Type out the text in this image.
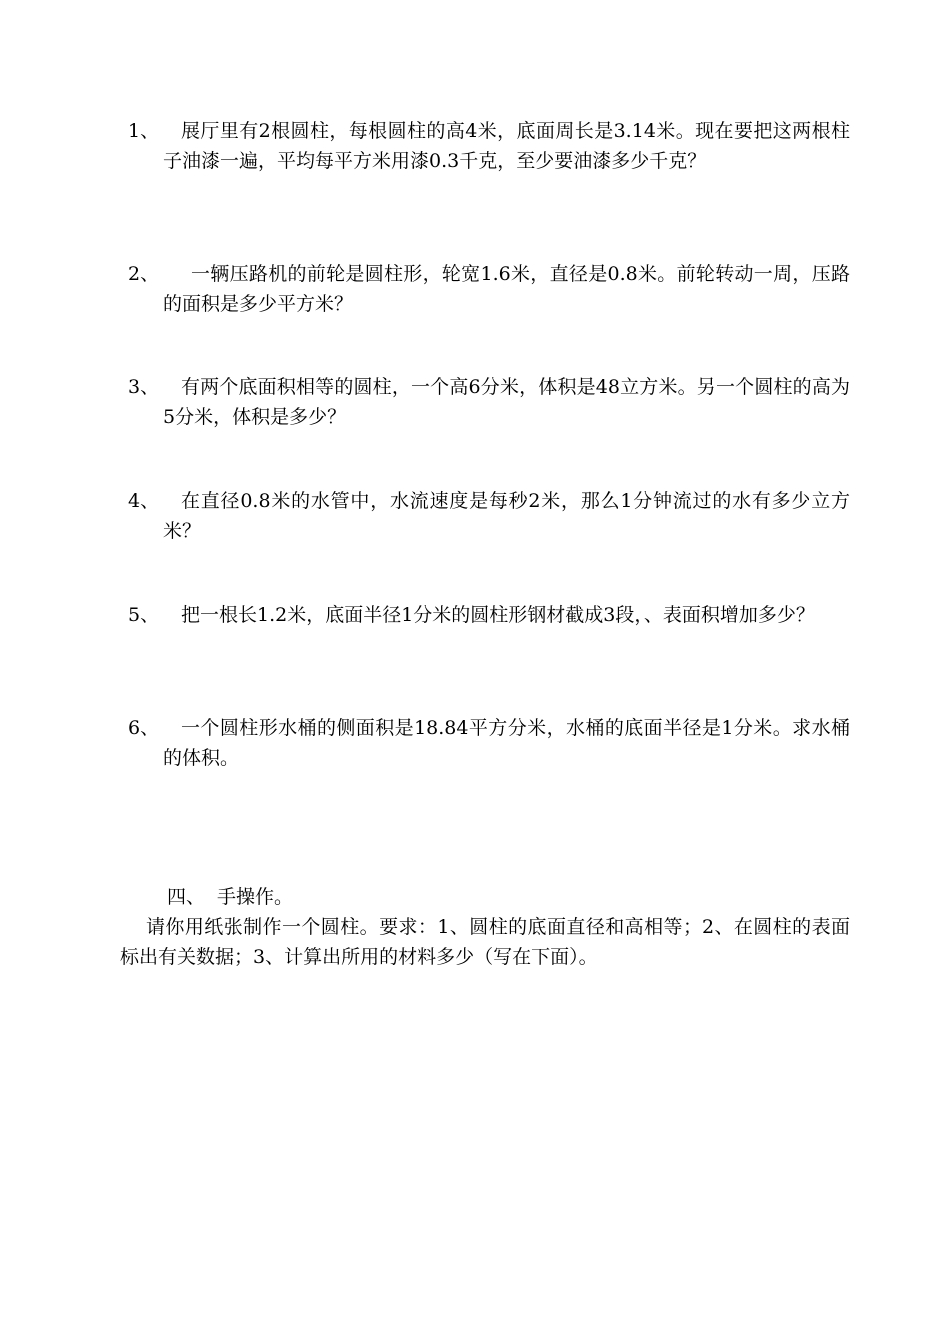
1、	展厅里有2根圆柱，每根圆柱的高4米，底面周长是3.14米。现在要把这两根柱子油漆一遍，平均每平方米用漆0.3千克，至少要油漆多少千克？
2、	一辆压路机的前轮是圆柱形，轮宽1.6米，直径是0.8米。前轮转动一周，压路的面积是多少平方米？
3、	有两个底面积相等的圆柱，一个高6分米，体积是48立方米。另一个圆柱的高为5分米，体积是多少？
4、	在直径0.8米的水管中，水流速度是每秒2米，那么1分钟流过的水有多少立方米？
5、	把一根长1.2米，底面半径1分米的圆柱形钢材截成3段，、表面积增加多少？
6、	一个圆柱形水桶的侧面积是18.84平方分米，水桶的底面半径是1分米。求水桶的体积。
四、 手操作。
请你用纸张制作一个圆柱。要求：1、圆柱的底面直径和高相等；2、在圆柱的表面标出有关数据；3、计算出所用的材料多少（写在下面）。
